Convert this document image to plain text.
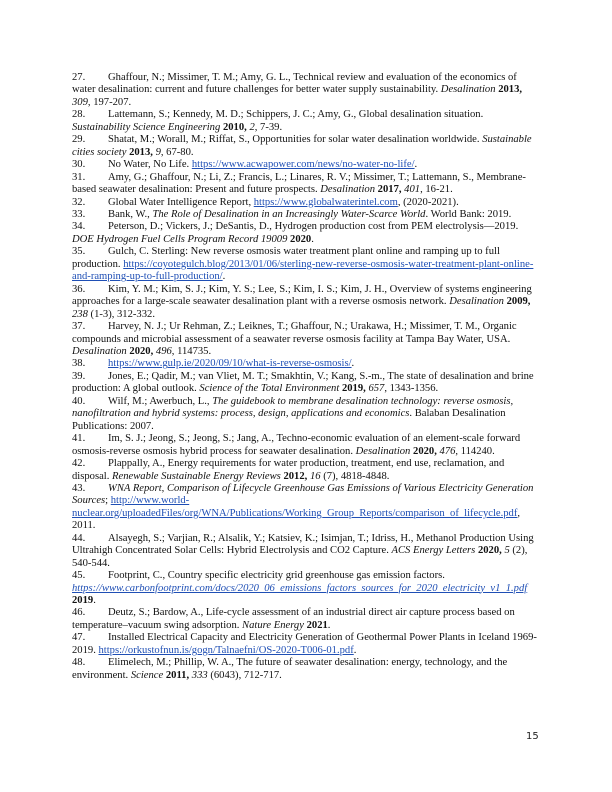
27. Ghaffour, N.; Missimer, T. M.; Amy, G. L., Technical review and evaluation of the economics of water desalination: current and future challenges for better water supply sustainability. Desalination 2013, 309, 197-207.

28. Lattemann, S.; Kennedy, M. D.; Schippers, J. C.; Amy, G., Global desalination situation. Sustainability Science Engineering 2010, 2, 7-39.

29. Shatat, M.; Worall, M.; Riffat, S., Opportunities for solar water desalination worldwide. Sustainable cities society 2013, 9, 67-80.

30. No Water, No Life. https://www.acwapower.com/news/no-water-no-life/.

31. Amy, G.; Ghaffour, N.; Li, Z.; Francis, L.; Linares, R. V.; Missimer, T.; Lattemann, S., Membrane-based seawater desalination: Present and future prospects. Desalination 2017, 401, 16-21.

32. Global Water Intelligence Report, https://www.globalwaterintel.com, (2020-2021).

33. Bank, W., The Role of Desalination in an Increasingly Water-Scarce World. World Bank: 2019.

34. Peterson, D.; Vickers, J.; DeSantis, D., Hydrogen production cost from PEM electrolysis—2019. DOE Hydrogen Fuel Cells Program Record 19009 2020.

35. Gulch, C. Sterling: New reverse osmosis water treatment plant online and ramping up to full production. https://coyotegulch.blog/2013/01/06/sterling-new-reverse-osmosis-water-treatment-plant-online-and-ramping-up-to-full-production/.

36. Kim, Y. M.; Kim, S. J.; Kim, Y. S.; Lee, S.; Kim, I. S.; Kim, J. H., Overview of systems engineering approaches for a large-scale seawater desalination plant with a reverse osmosis network. Desalination 2009, 238 (1-3), 312-332.

37. Harvey, N. J.; Ur Rehman, Z.; Leiknes, T.; Ghaffour, N.; Urakawa, H.; Missimer, T. M., Organic compounds and microbial assessment of a seawater reverse osmosis facility at Tampa Bay Water, USA. Desalination 2020, 496, 114735.

38. https://www.gulp.ie/2020/09/10/what-is-reverse-osmosis/.

39. Jones, E.; Qadir, M.; van Vliet, M. T.; Smakhtin, V.; Kang, S.-m., The state of desalination and brine production: A global outlook. Science of the Total Environment 2019, 657, 1343-1356.

40. Wilf, M.; Awerbuch, L., The guidebook to membrane desalination technology: reverse osmosis, nanofiltration and hybrid systems: process, design, applications and economics. Balaban Desalination Publications: 2007.

41. Im, S. J.; Jeong, S.; Jeong, S.; Jang, A., Techno-economic evaluation of an element-scale forward osmosis-reverse osmosis hybrid process for seawater desalination. Desalination 2020, 476, 114240.

42. Plappally, A., Energy requirements for water production, treatment, end use, reclamation, and disposal. Renewable Sustainable Energy Reviews 2012, 16 (7), 4818-4848.

43. WNA Report, Comparison of Lifecycle Greenhouse Gas Emissions of Various Electricity Generation Sources; http://www.world-nuclear.org/uploadedFiles/org/WNA/Publications/Working_Group_Reports/comparison_of_lifecycle.pdf, 2011.

44. Alsayegh, S.; Varjian, R.; Alsalik, Y.; Katsiev, K.; Isimjan, T.; Idriss, H., Methanol Production Using Ultrahigh Concentrated Solar Cells: Hybrid Electrolysis and CO2 Capture. ACS Energy Letters 2020, 5 (2), 540-544.

45. Footprint, C., Country specific electricity grid greenhouse gas emission factors. https://www.carbonfootprint.com/docs/2020_06_emissions_factors_sources_for_2020_electricity_v1_1.pdf 2019.

46. Deutz, S.; Bardow, A., Life-cycle assessment of an industrial direct air capture process based on temperature–vacuum swing adsorption. Nature Energy 2021.

47. Installed Electrical Capacity and Electricity Generation of Geothermal Power Plants in Iceland 1969-2019. https://orkustofnun.is/gogn/Talnaefni/OS-2020-T006-01.pdf.

48. Elimelech, M.; Phillip, W. A., The future of seawater desalination: energy, technology, and the environment. Science 2011, 333 (6043), 712-717.

15
